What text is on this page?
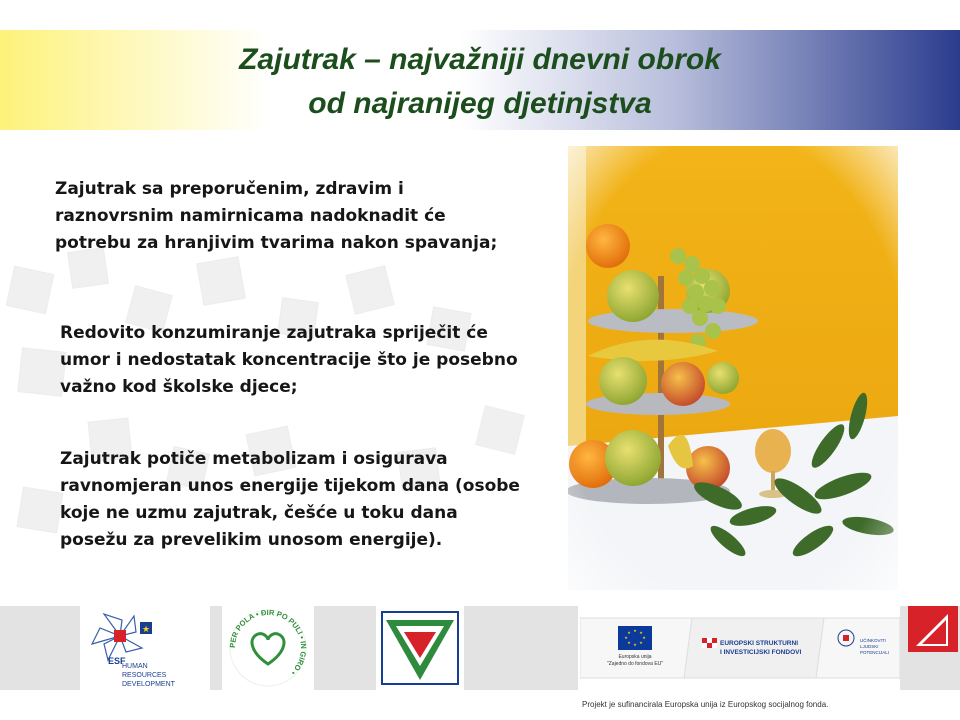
Zajutrak – najvažniji dnevni obrok
od najranijeg djetinjstva
Zajutrak sa preporučenim, zdravim i raznovrsnim namirnicama nadoknadit će potrebu za hranjivim tvarima nakon spavanja;
Redovito konzumiranje zajutraka spriječit će umor i nedostatak koncentracije što je posebno važno kod školske djece;
Zajutrak potiče metabolizam i osigurava ravnomjeran unos energije tijekom dana (osobe koje ne uzmu zajutrak, češće u toku dana posežu za prevelikim unosom energije).
★
ESF
HUMAN
RESOURCES
DEVELOPMENT
PER POLA • ĐIR PO PULI • IN GIRO •
★ ★
★
★
★
★
★
★
Europska unija
"Zajedno do fondova EU"
EUROPSKI STRUKTURNI
I INVESTICIJSKI FONDOVI
UČINKOVITI
LJUDSKI
POTENCIJALI
Projekt je sufinancirala Europska unija iz Europskog socijalnog fonda.
